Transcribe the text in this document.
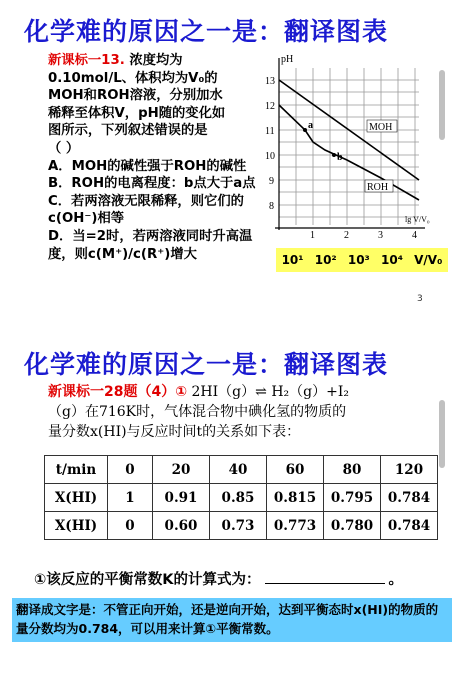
化学难的原因之一是：翻译图表
新课标一13. 浓度均为
0.10mol/L、体积均为V₀的
MOH和ROH溶液，分别加水
稀释至体积V，pH随的变化如
图所示，下列叙述错误的是
（ ）
A．MOH的碱性强于ROH的碱性
B．ROH的电离程度：b点大于a点
C．若两溶液无限稀释，则它们的c(OH⁻)相等
D．当=2时，若两溶液同时升高温度，则c(M⁺)/c(R⁺)增大
pH
13
12
11
10
9
8
1	2	3	4
lg V/V₀
a
b
MOH
ROH
10¹ 10² 10³ 10⁴ V/V₀
3
化学难的原因之一是：翻译图表
新课标一28题（4）① 2HI（g）⇌ H₂（g）+I₂
（g）在716K时，气体混合物中碘化氢的物质的
量分数x(HI)与反应时间t的关系如下表：
t/min	0	20	40	60	80	120
X(HI)	1	0.91	0.85	0.815	0.795	0.784
X(HI)	0	0.60	0.73	0.773	0.780	0.784
①该反应的平衡常数K的计算式为：	。
翻译成文字是：不管正向开始，还是逆向开始，达到平衡态时x(HI)的物质的量分数均为0.784，可以用来计算①平衡常数。
